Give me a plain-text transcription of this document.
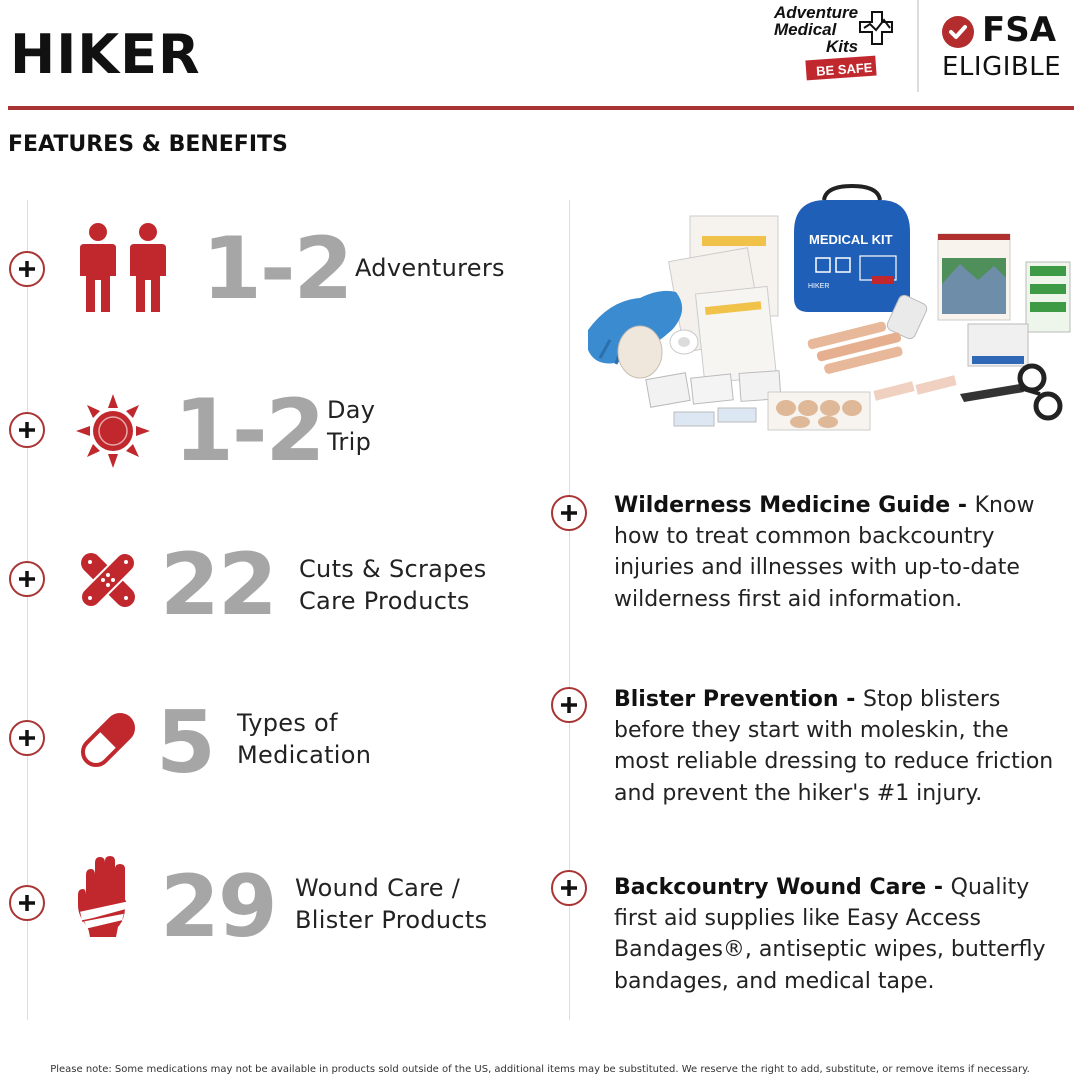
HIKER
Adventure
Medical
Kits
BE SAFE
FSA
ELIGIBLE
FEATURES & BENEFITS
1-2 Adventurers
1-2 Day
Trip
22 Cuts & Scrapes
Care Products
5 Types of
Medication
29 Wound Care /
Blister Products
MEDICAL KIT
HIKER
Wilderness Medicine Guide - Know how to treat common backcountry injuries and illnesses with up-to-date wilderness first aid information.
Blister Prevention - Stop blisters before they start with moleskin, the most reliable dressing to reduce friction and prevent the hiker's #1 injury.
Backcountry Wound Care - Quality first aid supplies like Easy Access Bandages®, antiseptic wipes, butterfly bandages, and medical tape.
Please note: Some medications may not be available in products sold outside of the US, additional items may be substituted. We reserve the right to add, substitute, or remove items if necessary.
